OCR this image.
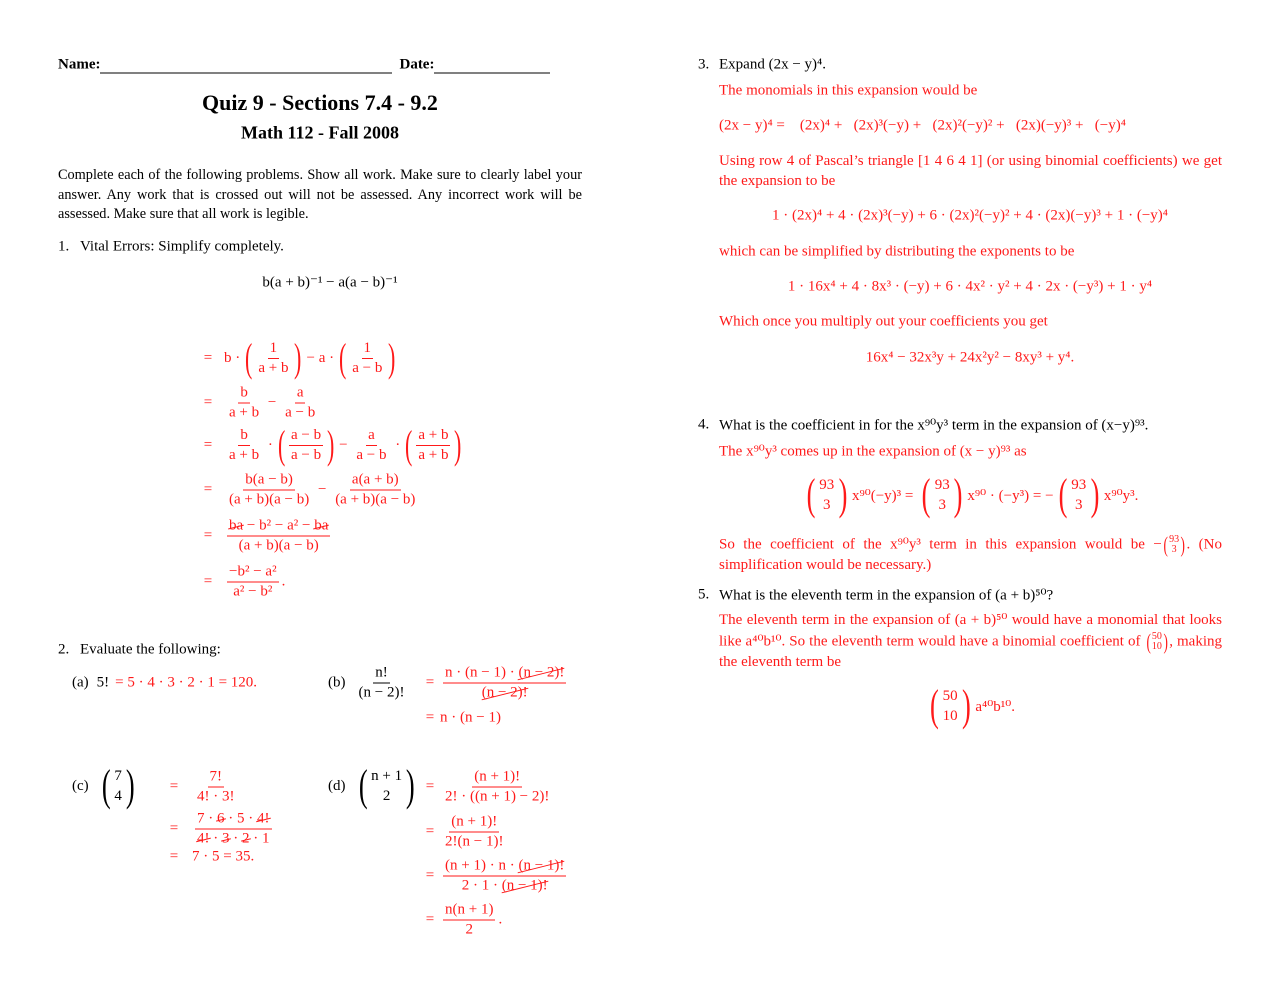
Name:	Date:
Quiz 9 - Sections 7.4 - 9.2
Math 112 - Fall 2008
Complete each of the following problems. Show all work. Make sure to clearly label your answer. Any work that is crossed out will not be assessed. Any incorrect work will be assessed. Make sure that all work is legible.
1. Vital Errors: Simplify completely.
b(a + b)⁻¹ − a(a − b)⁻¹
= b · ( $\frac{1}{a + b}$ ) − a · ( $\frac{1}{a - b}$ )
= $\frac{b}{a + b} - \frac{a}{a - b}$
= $\frac{b}{a + b}$ · ( $\frac{a - b}{a - b}$ ) − $\frac{a}{a - b}$ · ( $\frac{a + b}{a + b}$ )
= $\frac{b(a - b)}{(a + b)(a - b)} - \frac{a(a + b)}{(a + b)(a - b)}$
= $\frac{\text{ba − b² − a² − ba}}{(a + b)(a - b)}$
= $\frac{\text{−b² − a²}}{\text{a² − b²}}$ .
2. Evaluate the following:
(a) 5! = 5 · 4 · 3 · 2 · 1 = 120.	$(b) \frac{n!}{(n - 2)!}$	= $\frac{n \cdot (n - 1) \cdot (n - 2)!}{(n - 2)!}$
= n · (n − 1)
(c) ( 7
4 )	=	$\frac{7!}{4! \cdot 3!}$
=	$\frac{7 \cdot 6 \cdot 5 \cdot 4!}{4! \cdot 3 \cdot 2 \cdot 1}$
= 7 · 5 = 35.
(d) ( n + 1
2 ) = $\frac{(n + 1)!}{2! \cdot ((n + 1) - 2)!}$
= $\frac{(n + 1)!}{2!(n - 1)!}$
= $\frac{(n + 1) \cdot n \cdot (n - 1)!}{2 \cdot 1 \cdot (n - 1)!}$
= $\frac{n(n + 1)}{2}$ .
3. Expand (2x − y)⁴.
The monomials in this expansion would be
(2x − y)⁴ =    (2x)⁴ +   (2x)³(−y) +   (2x)²(−y)² +   (2x)(−y)³ +   (−y)⁴
Using row 4 of Pascal’s triangle [1 4 6 4 1] (or using binomial coefficients) we get the expansion to be
1 · (2x)⁴ + 4 · (2x)³(−y) + 6 · (2x)²(−y)² + 4 · (2x)(−y)³ + 1 · (−y)⁴
which can be simplified by distributing the exponents to be
1 · 16x⁴ + 4 · 8x³ · (−y) + 6 · 4x² · y² + 4 · 2x · (−y³) + 1 · y⁴
Which once you multiply out your coefficients you get
16x⁴ − 32x³y + 24x²y² − 8xy³ + y⁴.
4. What is the coefficient in for the x⁹⁰y³ term in the expansion of (x−y)⁹³.
The x⁹⁰y³ comes up in the expansion of (x − y)⁹³ as
( 93
3 ) x⁹⁰(−y)³ = ( 93
3 ) x⁹⁰ · (−y³) = − ( 93
3 ) x⁹⁰y³.
So the coefficient of the x⁹⁰y³ term in this expansion would be − ( 93
3 ) . (No simplification would be necessary.)
5. What is the eleventh term in the expansion of (a + b)⁵⁰?
The eleventh term in the expansion of (a + b)⁵⁰ would have a monomial that looks like a⁴⁰b¹⁰. So the eleventh term would have a binomial coefficient of ( 50
10 ) , making the eleventh term be
( 50
10 ) a⁴⁰b¹⁰.
